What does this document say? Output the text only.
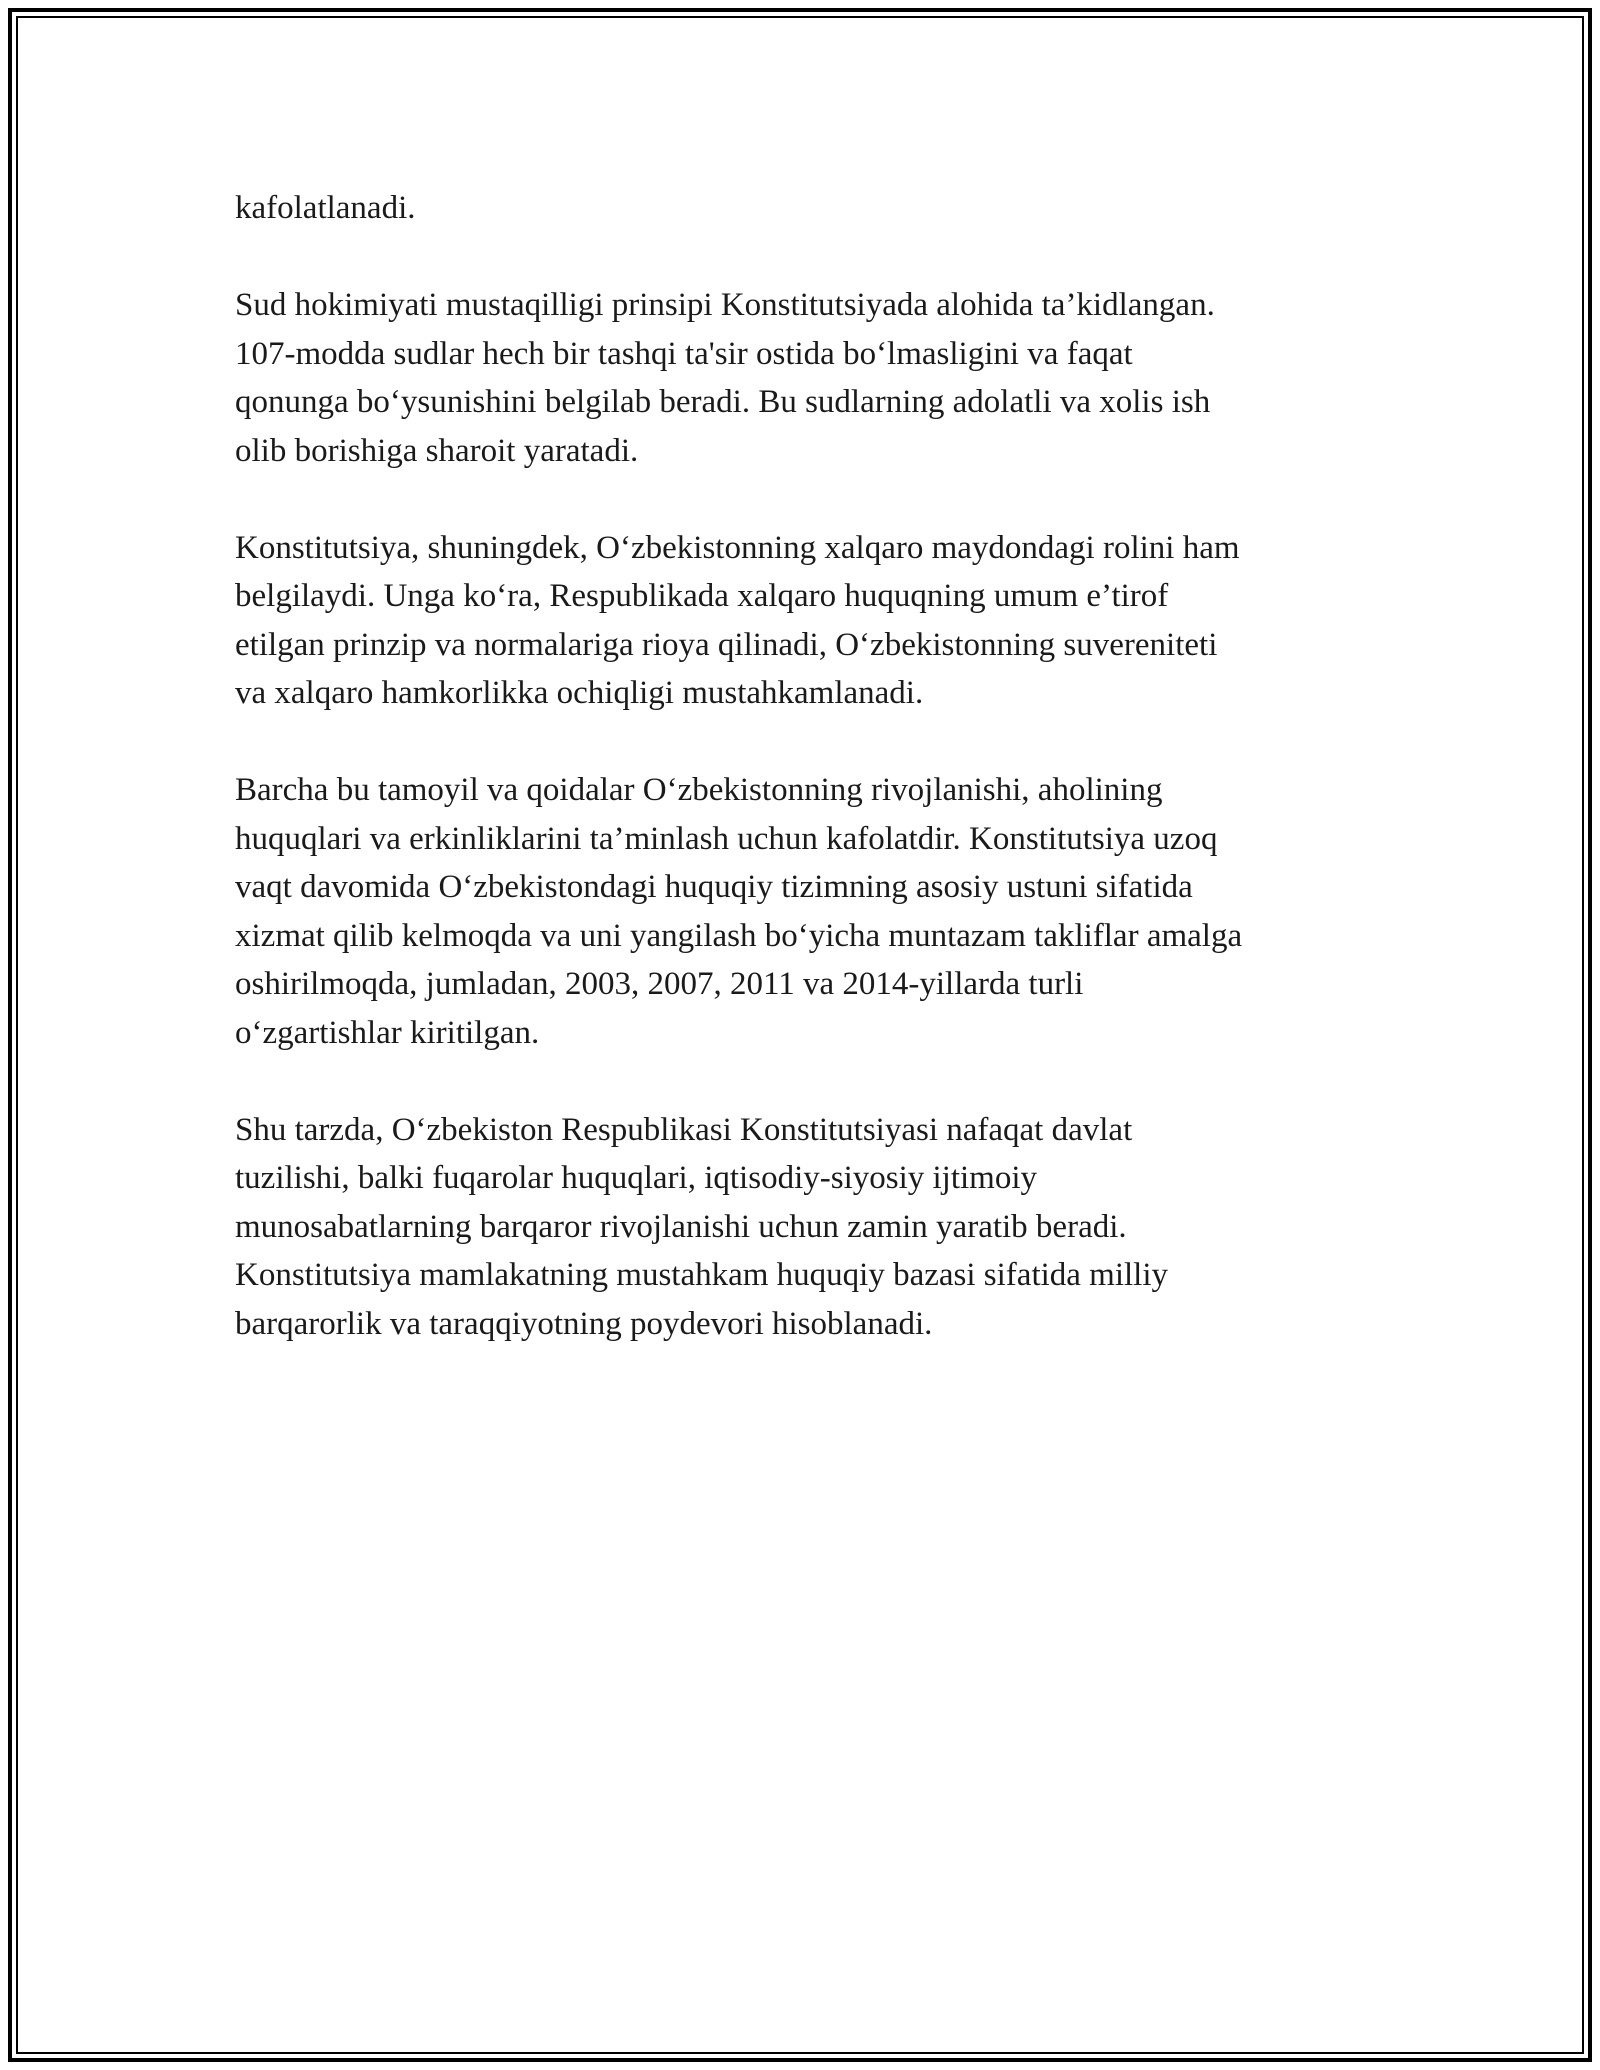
kafolatlanadi.

Sud hokimiyati mustaqilligi prinsipi Konstitutsiyada alohida ta’kidlangan.
107-modda sudlar hech bir tashqi ta'sir ostida boʻlmasligini va faqat
qonunga boʻysunishini belgilab beradi. Bu sudlarning adolatli va xolis ish
olib borishiga sharoit yaratadi.

Konstitutsiya, shuningdek, Oʻzbekistonning xalqaro maydondagi rolini ham
belgilaydi. Unga koʻra, Respublikada xalqaro huquqning umum e’tirof
etilgan prinzip va normalariga rioya qilinadi, Oʻzbekistonning suvereniteti
va xalqaro hamkorlikka ochiqligi mustahkamlanadi.

Barcha bu tamoyil va qoidalar Oʻzbekistonning rivojlanishi, aholining
huquqlari va erkinliklarini ta’minlash uchun kafolatdir. Konstitutsiya uzoq
vaqt davomida Oʻzbekistondagi huquqiy tizimning asosiy ustuni sifatida
xizmat qilib kelmoqda va uni yangilash boʻyicha muntazam takliflar amalga
oshirilmoqda, jumladan, 2003, 2007, 2011 va 2014-yillarda turli
oʻzgartishlar kiritilgan.

Shu tarzda, Oʻzbekiston Respublikasi Konstitutsiyasi nafaqat davlat
tuzilishi, balki fuqarolar huquqlari, iqtisodiy-siyosiy ijtimoiy
munosabatlarning barqaror rivojlanishi uchun zamin yaratib beradi.
Konstitutsiya mamlakatning mustahkam huquqiy bazasi sifatida milliy
barqarorlik va taraqqiyotning poydevori hisoblanadi.
